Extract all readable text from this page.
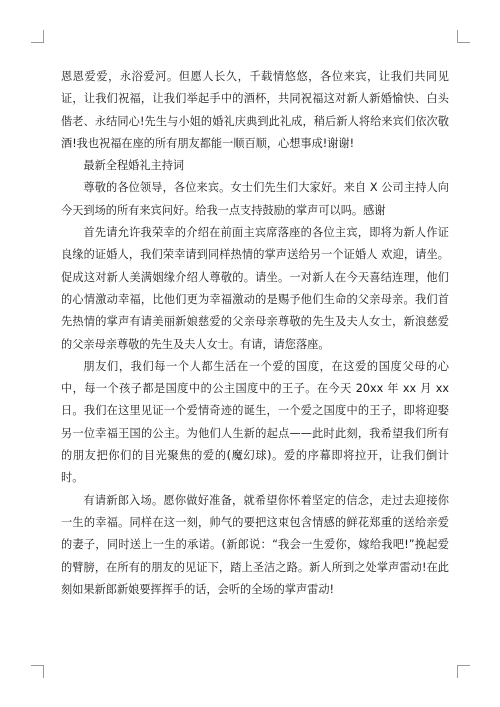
恩恩爱爱，永浴爱河。但愿人长久，千载情悠悠，各位来宾，让我们共同见证，让我们祝福，让我们举起手中的酒杯，共同祝福这对新人新婚愉快、白头偕老、永结同心!先生与小姐的婚礼庆典到此礼成，稍后新人将给来宾们依次敬酒!我也祝福在座的所有朋友都能一顺百顺，心想事成!谢谢!

最新全程婚礼主持词

尊敬的各位领导，各位来宾。女士们先生们大家好。来自 X 公司主持人向今天到场的所有来宾问好。给我一点支持鼓励的掌声可以吗。感谢

首先请允许我荣幸的介绍在前面主宾席落座的各位主宾，即将为新人作证良缘的证婚人，我们荣幸请到同样热情的掌声送给另一个证婚人 欢迎，请坐。促成这对新人美满姻缘介绍人尊敬的。请坐。一对新人在今天喜结连理，他们的心情激动幸福，比他们更为幸福激动的是赐予他们生命的父亲母亲。我们首先热情的掌声有请美丽新娘慈爱的父亲母亲尊敬的先生及夫人女士，新浪慈爱的父亲母亲尊敬的先生及夫人女士。有请，请您落座。

朋友们，我们每一个人都生活在一个爱的国度，在这爱的国度父母的心中，每一个孩子都是国度中的公主国度中的王子。在今天 20xx 年 xx 月 xx 日。我们在这里见证一个爱情奇迹的诞生，一个爱之国度中的王子，即将迎娶另一位幸福王国的公主。为他们人生新的起点——此时此刻，我希望我们所有的朋友把你们的目光聚焦的爱的(魔幻球)。爱的序幕即将拉开，让我们倒计时。

有请新郎入场。愿你做好准备，就希望你怀着坚定的信念，走过去迎接你一生的幸福。同样在这一刻，帅气的要把这束包含情感的鲜花郑重的送给亲爱的妻子，同时送上一生的承诺。(新郎说：“我会一生爱你，嫁给我吧!”挽起爱的臂膀，在所有的朋友的见证下，踏上圣洁之路。新人所到之处掌声雷动!在此刻如果新郎新娘要挥挥手的话，会听的全场的掌声雷动!
